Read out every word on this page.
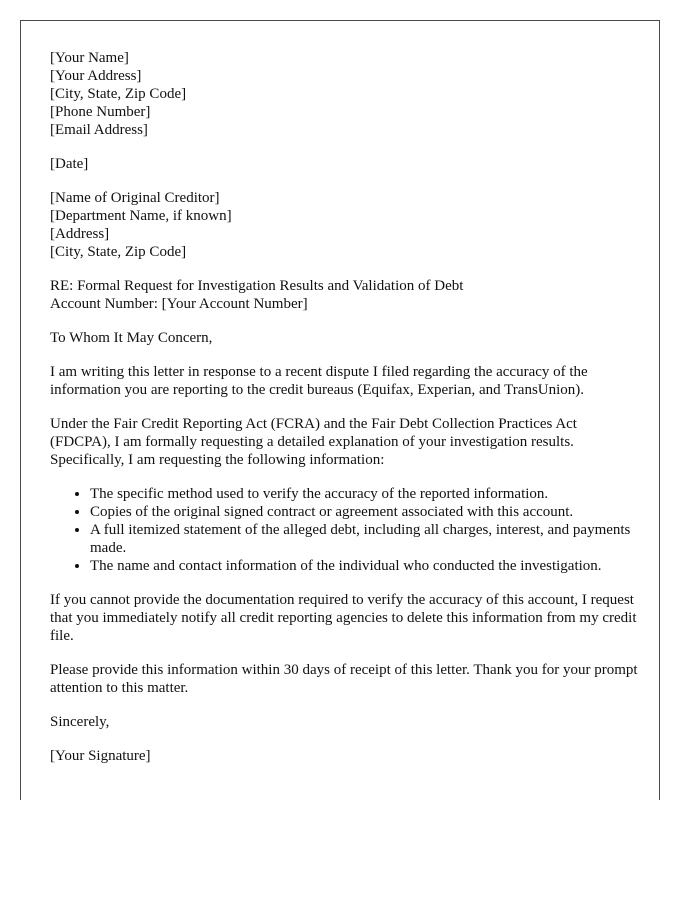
[Your Name]
[Your Address]
[City, State, Zip Code]
[Phone Number]
[Email Address]
[Date]
[Name of Original Creditor]
[Department Name, if known]
[Address]
[City, State, Zip Code]
RE: Formal Request for Investigation Results and Validation of Debt
Account Number: [Your Account Number]

To Whom It May Concern,

I am writing this letter in response to a recent dispute I filed regarding the accuracy of the information you are reporting to the credit bureaus (Equifax, Experian, and TransUnion).

Under the Fair Credit Reporting Act (FCRA) and the Fair Debt Collection Practices Act (FDCPA), I am formally requesting a detailed explanation of your investigation results. Specifically, I am requesting the following information:

• The specific method used to verify the accuracy of the reported information.
• Copies of the original signed contract or agreement associated with this account.
• A full itemized statement of the alleged debt, including all charges, interest, and payments made.
• The name and contact information of the individual who conducted the investigation.

If you cannot provide the documentation required to verify the accuracy of this account, I request that you immediately notify all credit reporting agencies to delete this information from my credit file.

Please provide this information within 30 days of receipt of this letter. Thank you for your prompt attention to this matter.

Sincerely,

[Your Signature]
